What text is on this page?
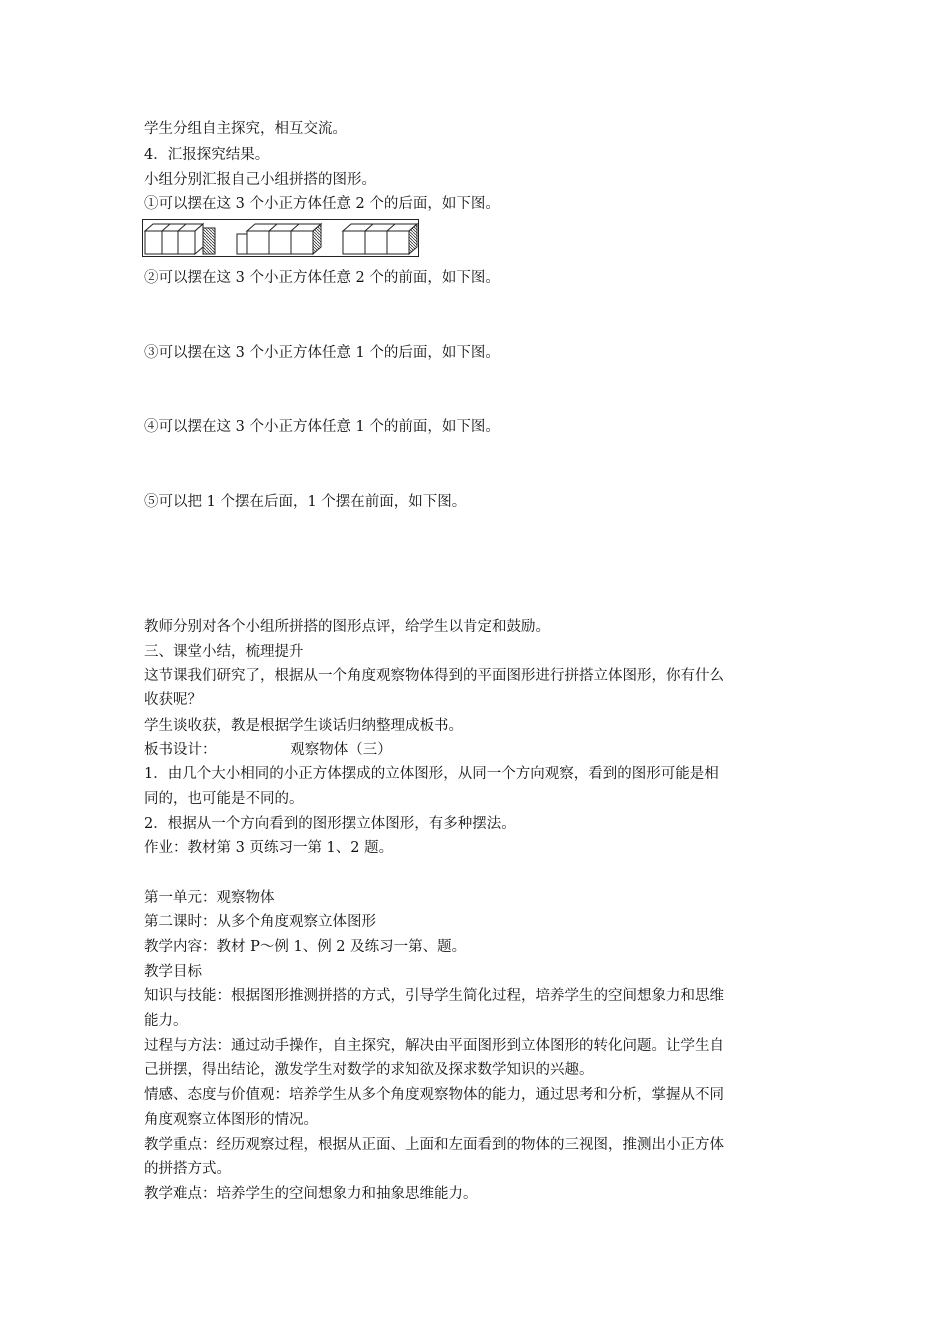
学生分组自主探究，相互交流。
4．汇报探究结果。
小组分别汇报自己小组拼搭的图形。
①可以摆在这 3 个小正方体任意 2 个的后面，如下图。
②可以摆在这 3 个小正方体任意 2 个的前面，如下图。
③可以摆在这 3 个小正方体任意 1 个的后面，如下图。
④可以摆在这 3 个小正方体任意 1 个的前面，如下图。
⑤可以把 1 个摆在后面，1 个摆在前面，如下图。
教师分别对各个小组所拼搭的图形点评，给学生以肯定和鼓励。
三、课堂小结，梳理提升
这节课我们研究了，根据从一个角度观察物体得到的平面图形进行拼搭立体图形，你有什么
收获呢？
学生谈收获，教是根据学生谈话归纳整理成板书。
板书设计：                观察物体（三）
1．由几个大小相同的小正方体摆成的立体图形，从同一个方向观察，看到的图形可能是相
同的，也可能是不同的。
2．根据从一个方向看到的图形摆立体图形，有多种摆法。
作业：教材第 3 页练习一第 1、2 题。
第一单元：观察物体
第二课时：从多个角度观察立体图形
教学内容：教材 P～例 1、例 2 及练习一第、题。
教学目标
知识与技能：根据图形推测拼搭的方式，引导学生简化过程，培养学生的空间想象力和思维
能力。
过程与方法：通过动手操作，自主探究，解决由平面图形到立体图形的转化问题。让学生自
己拼摆，得出结论，激发学生对数学的求知欲及探求数学知识的兴趣。
情感、态度与价值观：培养学生从多个角度观察物体的能力，通过思考和分析，掌握从不同
角度观察立体图形的情况。
教学重点：经历观察过程，根据从正面、上面和左面看到的物体的三视图，推测出小正方体
的拼搭方式。
教学难点：培养学生的空间想象力和抽象思维能力。
